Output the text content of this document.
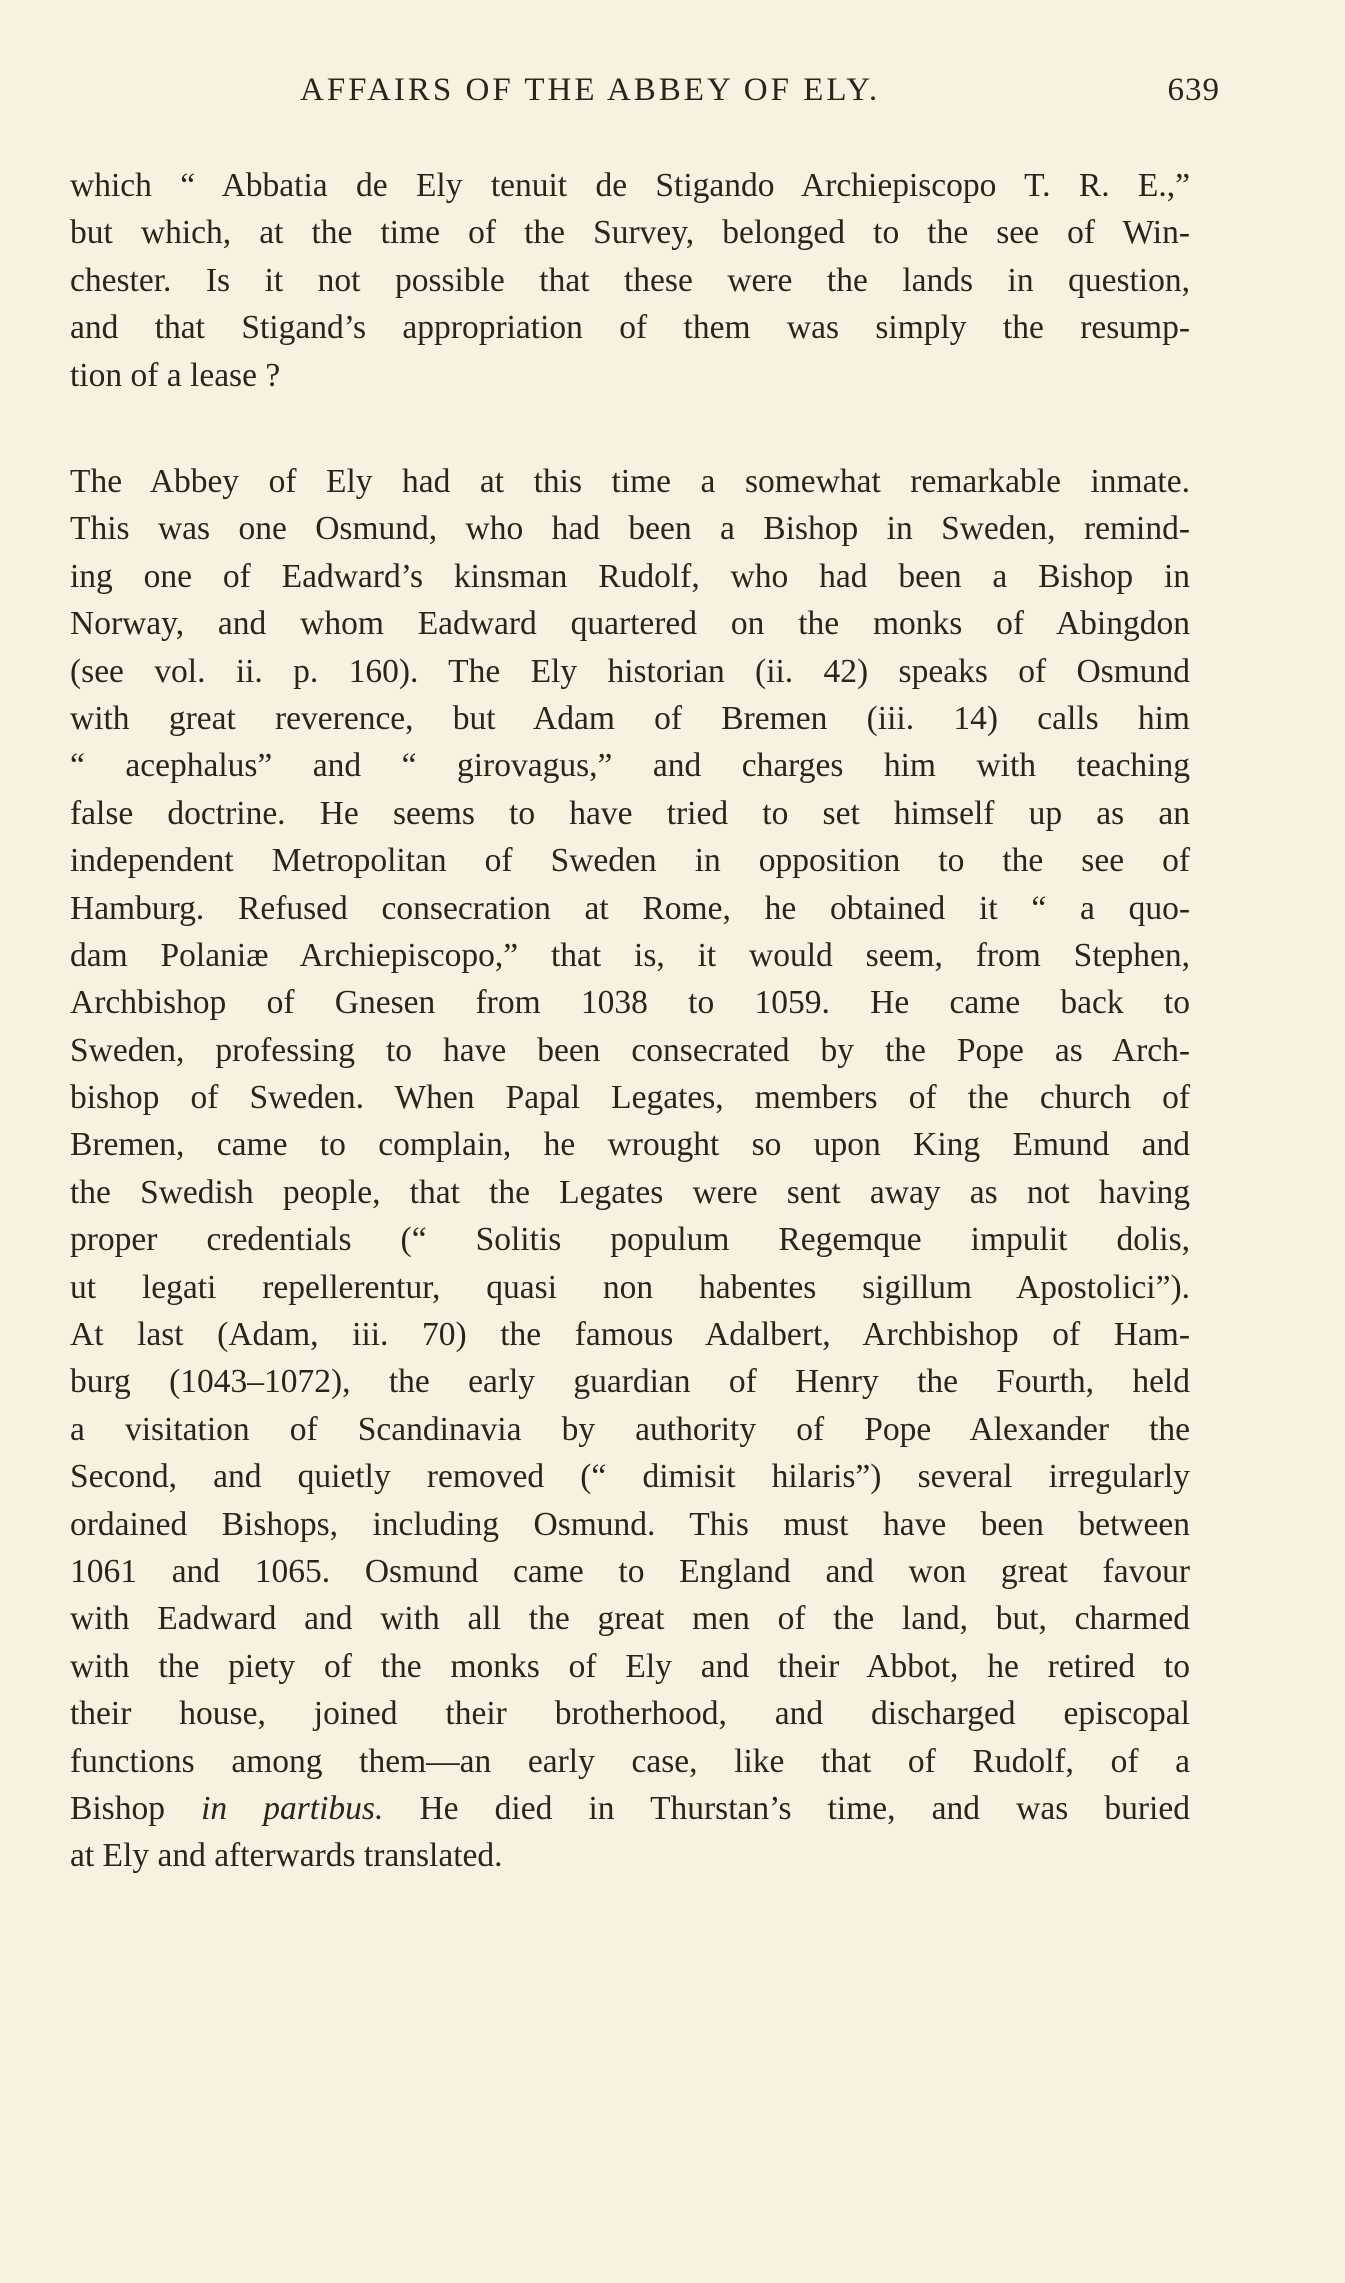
AFFAIRS OF THE ABBEY OF ELY.	639
which “ Abbatia de Ely tenuit de Stigando Archiepiscopo T. R. E.,”
but which, at the time of the Survey, belonged to the see of Win-
chester. Is it not possible that these were the lands in question,
and that Stigand’s appropriation of them was simply the resump-
tion of a lease ?
The Abbey of Ely had at this time a somewhat remarkable inmate.
This was one Osmund, who had been a Bishop in Sweden, remind-
ing one of Eadward’s kinsman Rudolf, who had been a Bishop in
Norway, and whom Eadward quartered on the monks of Abingdon
(see vol. ii. p. 160). The Ely historian (ii. 42) speaks of Osmund
with great reverence, but Adam of Bremen (iii. 14) calls him
“ acephalus” and “ girovagus,” and charges him with teaching
false doctrine. He seems to have tried to set himself up as an
independent Metropolitan of Sweden in opposition to the see of
Hamburg. Refused consecration at Rome, he obtained it “ a quo-
dam Polaniæ Archiepiscopo,” that is, it would seem, from Stephen,
Archbishop of Gnesen from 1038 to 1059. He came back to
Sweden, professing to have been consecrated by the Pope as Arch-
bishop of Sweden. When Papal Legates, members of the church of
Bremen, came to complain, he wrought so upon King Emund and
the Swedish people, that the Legates were sent away as not having
proper credentials (“ Solitis populum Regemque impulit dolis,
ut legati repellerentur, quasi non habentes sigillum Apostolici”).
At last (Adam, iii. 70) the famous Adalbert, Archbishop of Ham-
burg (1043–1072), the early guardian of Henry the Fourth, held
a visitation of Scandinavia by authority of Pope Alexander the
Second, and quietly removed (“ dimisit hilaris”) several irregularly
ordained Bishops, including Osmund. This must have been between
1061 and 1065. Osmund came to England and won great favour
with Eadward and with all the great men of the land, but, charmed
with the piety of the monks of Ely and their Abbot, he retired to
their house, joined their brotherhood, and discharged episcopal
functions among them—an early case, like that of Rudolf, of a
Bishop in partibus. He died in Thurstan’s time, and was buried
at Ely and afterwards translated.
